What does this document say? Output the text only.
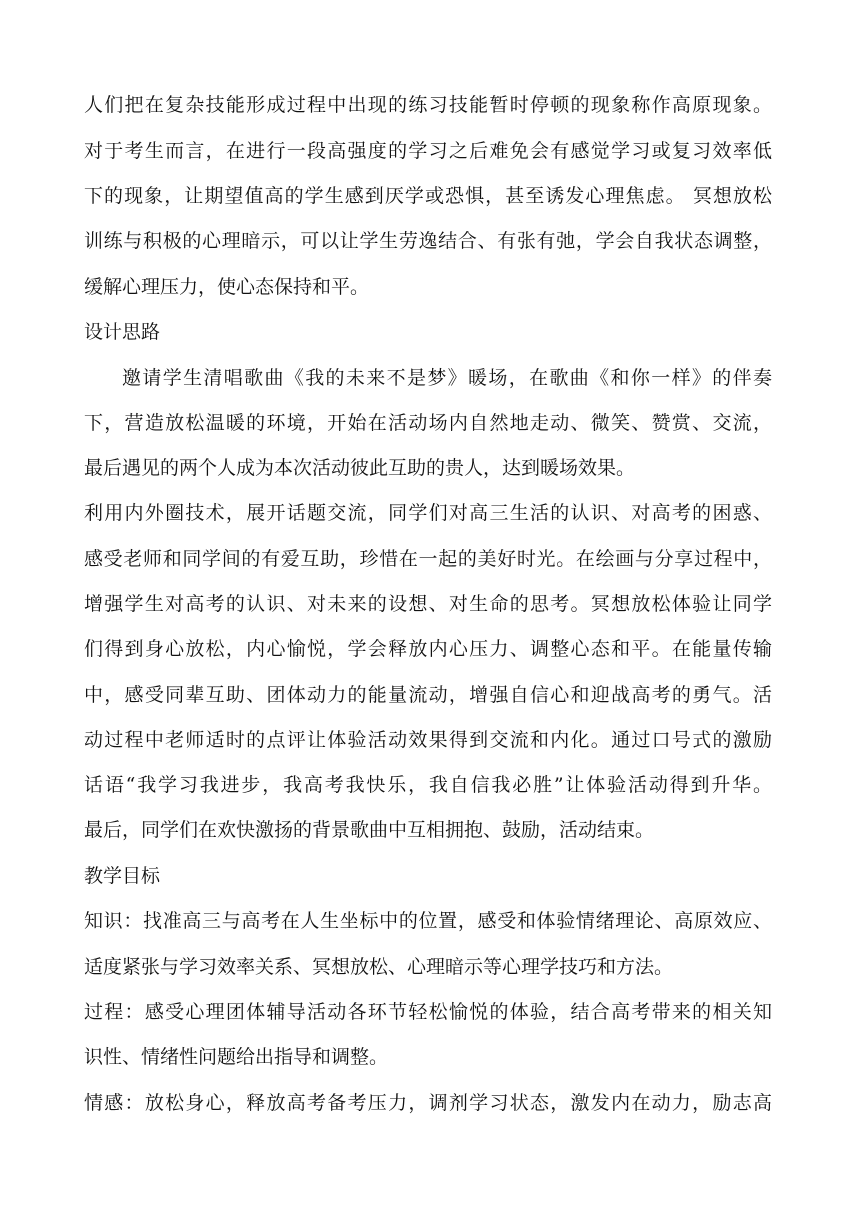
人们把在复杂技能形成过程中出现的练习技能暂时停顿的现象称作高原现象。
对于考生而言，在进行一段高强度的学习之后难免会有感觉学习或复习效率低
下的现象，让期望值高的学生感到厌学或恐惧，甚至诱发心理焦虑。 冥想放松
训练与积极的心理暗示，可以让学生劳逸结合、有张有弛，学会自我状态调整，
缓解心理压力，使心态保持和平。
设计思路
邀请学生清唱歌曲《我的未来不是梦》暖场，在歌曲《和你一样》的伴奏
下，营造放松温暖的环境，开始在活动场内自然地走动、微笑、赞赏、交流，
最后遇见的两个人成为本次活动彼此互助的贵人，达到暖场效果。
利用内外圈技术，展开话题交流，同学们对高三生活的认识、对高考的困惑、
感受老师和同学间的有爱互助，珍惜在一起的美好时光。在绘画与分享过程中，
增强学生对高考的认识、对未来的设想、对生命的思考。冥想放松体验让同学
们得到身心放松，内心愉悦，学会释放内心压力、调整心态和平。在能量传输
中，感受同辈互助、团体动力的能量流动，增强自信心和迎战高考的勇气。活
动过程中老师适时的点评让体验活动效果得到交流和内化。通过口号式的激励
话语“我学习我进步，我高考我快乐，我自信我必胜”让体验活动得到升华。
最后，同学们在欢快激扬的背景歌曲中互相拥抱、鼓励，活动结束。
教学目标
知识：找准高三与高考在人生坐标中的位置，感受和体验情绪理论、高原效应、
适度紧张与学习效率关系、冥想放松、心理暗示等心理学技巧和方法。
过程：感受心理团体辅导活动各环节轻松愉悦的体验，结合高考带来的相关知
识性、情绪性问题给出指导和调整。
情感：放松身心，释放高考备考压力，调剂学习状态，激发内在动力，励志高
